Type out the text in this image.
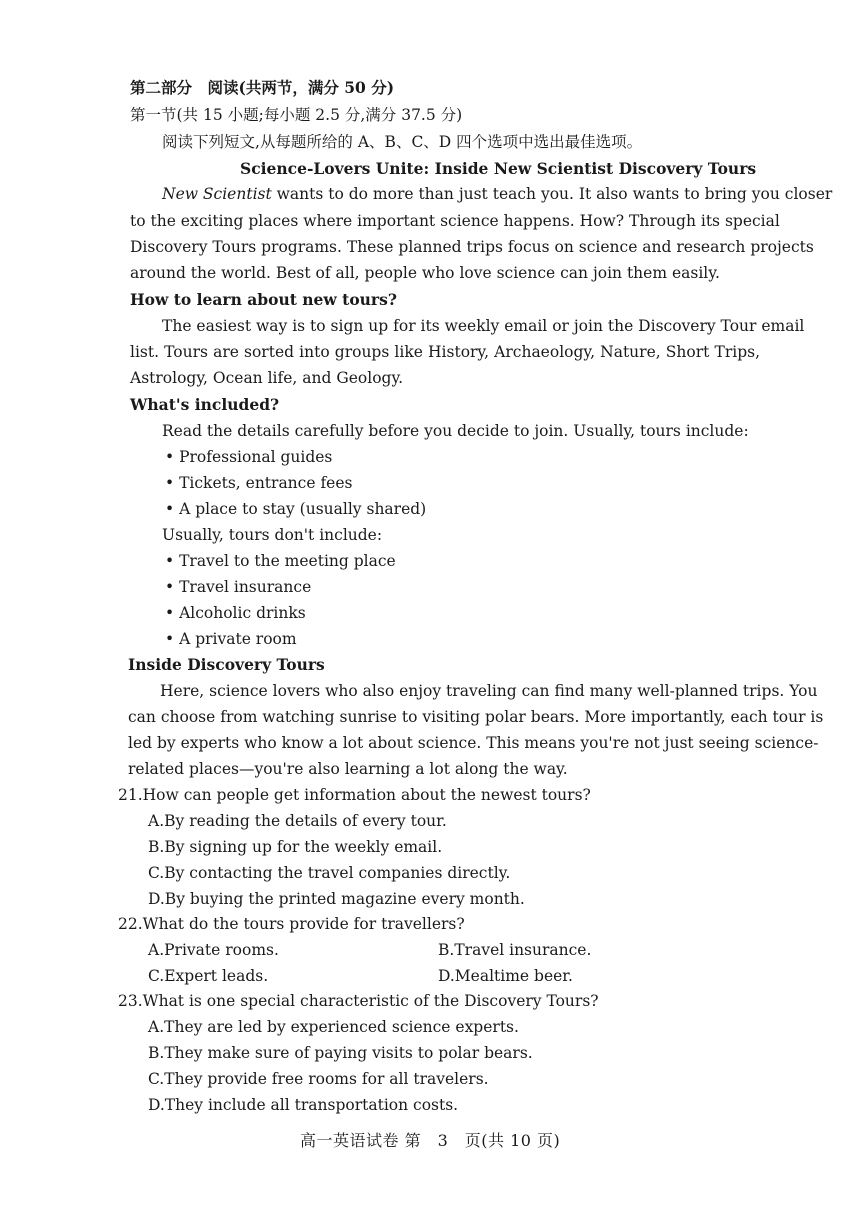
第二部分　阅读(共两节，满分 50 分)
第一节(共 15 小题;每小题 2.5 分,满分 37.5 分)
阅读下列短文,从每题所给的 A、B、C、D 四个选项中选出最佳选项。
Science-Lovers Unite: Inside New Scientist Discovery Tours
New Scientist wants to do more than just teach you. It also wants to bring you closer
to the exciting places where important science happens. How? Through its special
Discovery Tours programs. These planned trips focus on science and research projects
around the world. Best of all, people who love science can join them easily.
How to learn about new tours?
The easiest way is to sign up for its weekly email or join the Discovery Tour email
list. Tours are sorted into groups like History, Archaeology, Nature, Short Trips,
Astrology, Ocean life, and Geology.
What's included?
Read the details carefully before you decide to join. Usually, tours include:
• Professional guides
• Tickets, entrance fees
• A place to stay (usually shared)
Usually, tours don't include:
• Travel to the meeting place
• Travel insurance
• Alcoholic drinks
• A private room
Inside Discovery Tours
Here, science lovers who also enjoy traveling can find many well-planned trips. You
can choose from watching sunrise to visiting polar bears. More importantly, each tour is
led by experts who know a lot about science. This means you're not just seeing science-
related places—you're also learning a lot along the way.
21.How can people get information about the newest tours?
A.By reading the details of every tour.
B.By signing up for the weekly email.
C.By contacting the travel companies directly.
D.By buying the printed magazine every month.
22.What do the tours provide for travellers?
A.Private rooms.	B.Travel insurance.
C.Expert leads.	D.Mealtime beer.
23.What is one special characteristic of the Discovery Tours?
A.They are led by experienced science experts.
B.They make sure of paying visits to polar bears.
C.They provide free rooms for all travelers.
D.They include all transportation costs.
高一英语试卷 第　3　页(共 10 页)
